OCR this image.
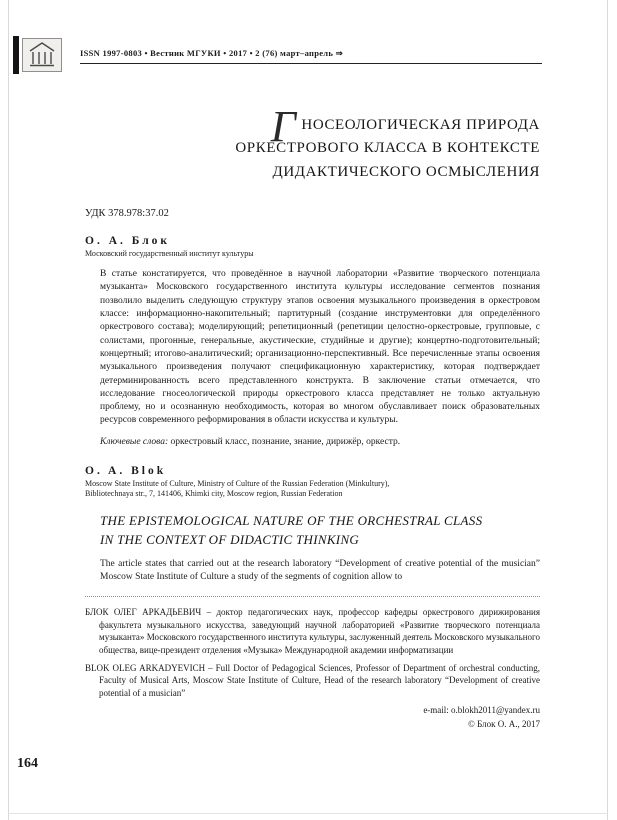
ISSN 1997-0803 • Вестник МГУКИ • 2017 • 2 (76) март–апрель ⇒
ГНОСЕОЛОГИЧЕСКАЯ ПРИРОДА
ОРКЕСТРОВОГО КЛАССА В КОНТЕКСТЕ
ДИДАКТИЧЕСКОГО ОСМЫСЛЕНИЯ
УДК 378.978:37.02
О. А. Блок
Московский государственный институт культуры
В статье констатируется, что проведённое в научной лаборатории «Развитие творческого потенциала музыканта» Московского государственного института культуры исследование сегментов познания позволило выделить следующую структуру этапов освоения музыкального произведения в оркестровом классе: информационно-накопительный; партитурный (создание инструментовки для определённого оркестрового состава); моделирующий; репетиционный (репетиции целостно-оркестровые, групповые, с солистами, прогонные, генеральные, акустические, студийные и другие); концертно-подготовительный; концертный; итогово-аналитический; организационно-перспективный. Все перечисленные этапы освоения музыкального произведения получают спецификационную характеристику, которая подтверждает детерминированность всего представленного конструкта. В заключение статьи отмечается, что исследование гносеологической природы оркестрового класса представляет не только актуальную проблему, но и осознанную необходимость, которая во многом обуславливает поиск образовательных ресурсов современного реформирования в области искусства и культуры.
Ключевые слова: оркестровый класс, познание, знание, дирижёр, оркестр.
O. A. Blok
Moscow State Institute of Culture, Ministry of Culture of the Russian Federation (Minkultury),
Bibliotechnaya str., 7, 141406, Khimki city, Moscow region, Russian Federation
THE EPISTEMOLOGICAL NATURE OF THE ORCHESTRAL CLASS
IN THE CONTEXT OF DIDACTIC THINKING
The article states that carried out at the research laboratory “Development of creative potential of the musician” Moscow State Institute of Culture a study of the segments of cognition allow to
БЛОК ОЛЕГ АРКАДЬЕВИЧ – доктор педагогических наук, профессор кафедры оркестрового дирижирования факультета музыкального искусства, заведующий научной лабораторией «Развитие творческого потенциала музыканта» Московского государственного института культуры, заслуженный деятель Московского музыкального общества, вице-президент отделения «Музыка» Международной академии информатизации
BLOK OLEG ARKADYEVICH – Full Doctor of Pedagogical Sciences, Professor of Department of orchestral conducting, Faculty of Musical Arts, Moscow State Institute of Culture, Head of the research laboratory “Development of creative potential of a musician”
e-mail: o.blokh2011@yandex.ru
© Блок О. А., 2017
164
